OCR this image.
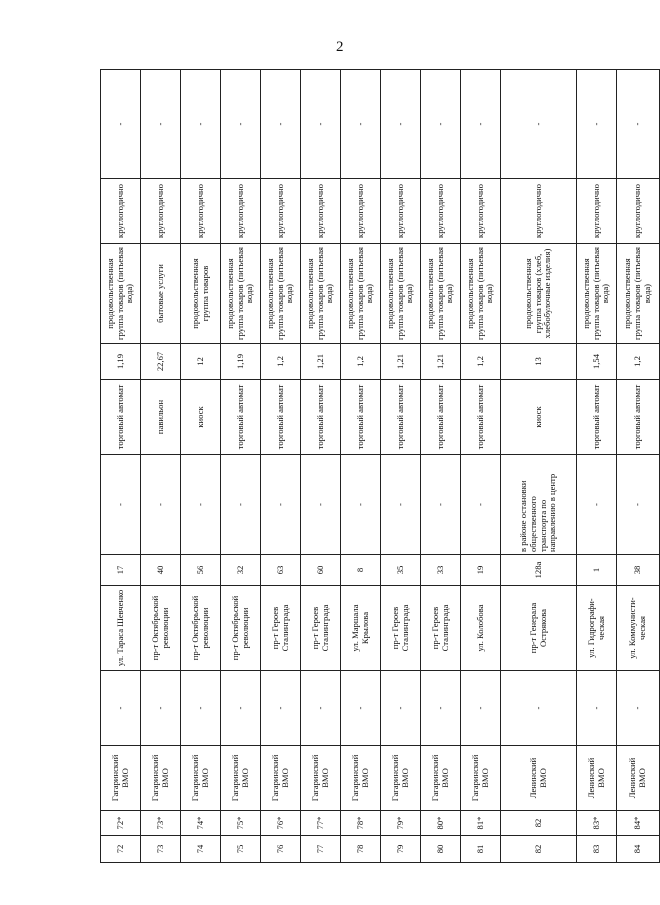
2
72	72*	Гагаринский ВМО	-	ул. Тараса Шевченко	17	-	торговый автомат	1,19	продовольственная группа товаров (питьевая вода)	круглогодично	-
73	73*	Гагаринский ВМО	-	пр-т Октябрьской революции	40	-	павильон	22,67	бытовые услуги	круглогодично	-
74	74*	Гагаринский ВМО	-	пр-т Октябрьской революции	56	-	киоск	12	продовольственная группа товаров	круглогодично	-
75	75*	Гагаринский ВМО	-	пр-т Октябрьской революции	32	-	торговый автомат	1,19	продовольственная группа товаров (питьевая вода)	круглогодично	-
76	76*	Гагаринский ВМО	-	пр-т Героев Сталинграда	63	-	торговый автомат	1,2	продовольственная группа товаров (питьевая вода)	круглогодично	-
77	77*	Гагаринский ВМО	-	пр-т Героев Сталинграда	60	-	торговый автомат	1,21	продовольственная группа товаров (питьевая вода)	круглогодично	-
78	78*	Гагаринский ВМО	-	ул. Маршала Крылова	8	-	торговый автомат	1,2	продовольственная группа товаров (питьевая вода)	круглогодично	-
79	79*	Гагаринский ВМО	-	пр-т Героев Сталинграда	35	-	торговый автомат	1,21	продовольственная группа товаров (питьевая вода)	круглогодично	-
80	80*	Гагаринский ВМО	-	пр-т Героев Сталинграда	33	-	торговый автомат	1,21	продовольственная группа товаров (питьевая вода)	круглогодично	-
81	81*	Гагаринский ВМО	-	ул. Колобова	19	-	торговый автомат	1,2	продовольственная группа товаров (питьевая вода)	круглогодично	-
82	82	Ленинский ВМО	-	пр-т Генерала Острякова	128а	в районе остановки общественного транспорта по направлению в центр	киоск	13	продовольственная группа товаров (хлеб, хлебобулочные изделия)	круглогодично	-
83	83*	Ленинский ВМО	-	ул. Гидрографи-ческая	1	-	торговый автомат	1,54	продовольственная группа товаров (питьевая вода)	круглогодично	-
84	84*	Ленинский ВМО	-	ул. Коммунисти-ческая	38	-	торговый автомат	1,2	продовольственная группа товаров (питьевая вода)	круглогодично	-
